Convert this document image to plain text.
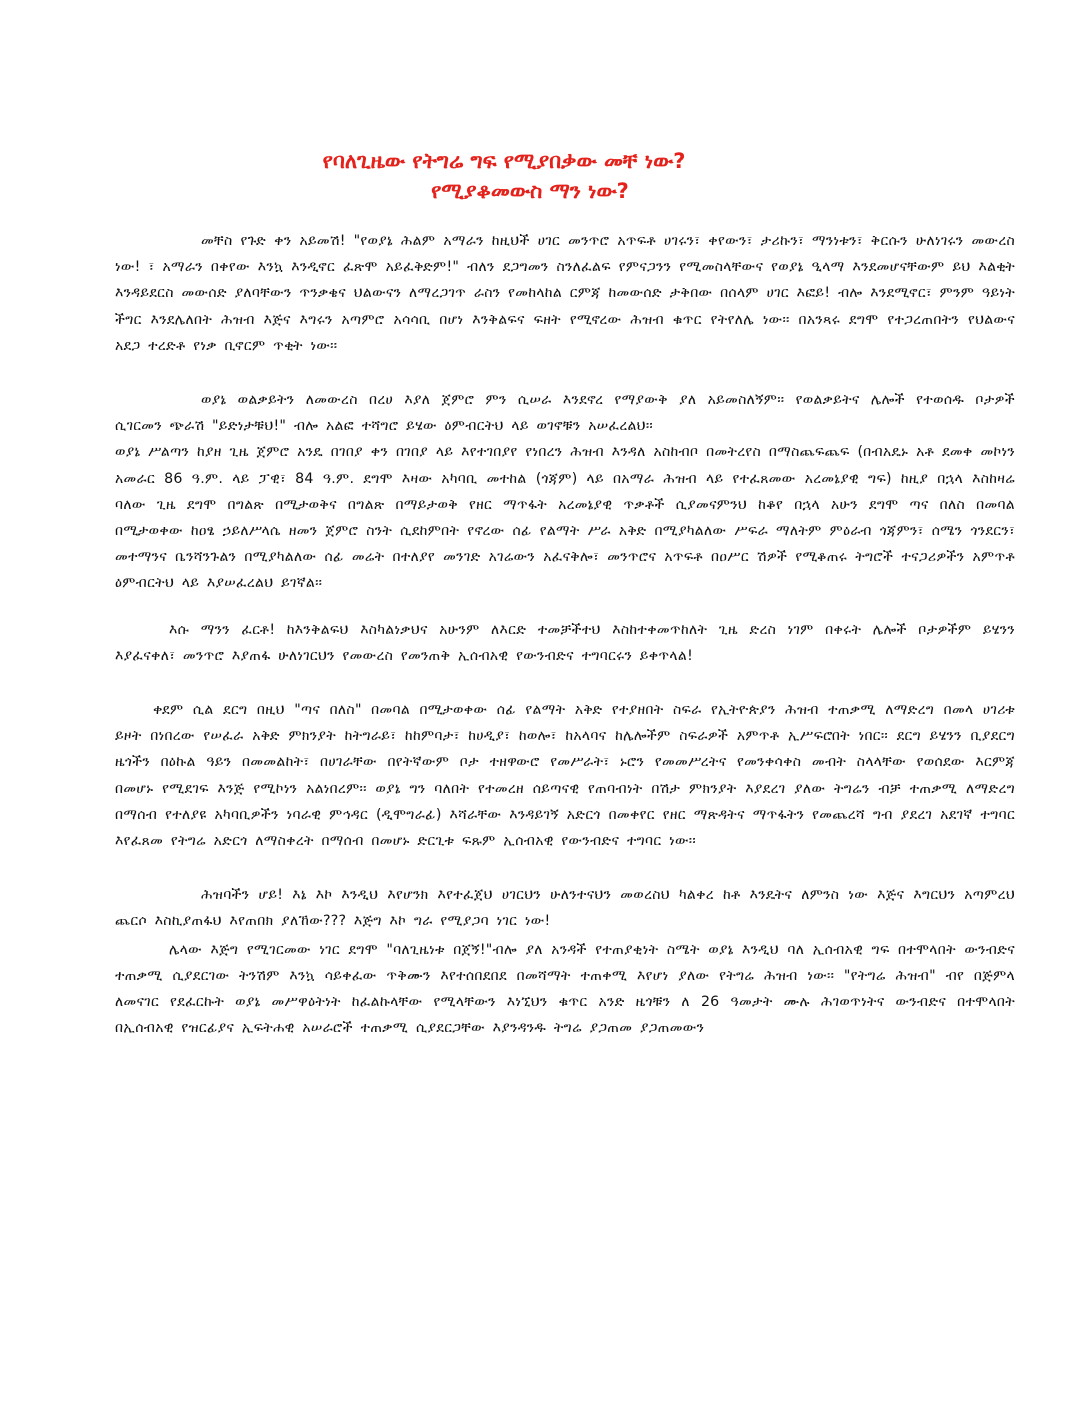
የባለጊዜው የትግሬ ግፍ የሚያበቃው መቸ ነው?
የሚያቆመውስ ማን ነው?

መቸስ የጉድ ቀን አይመሽ! "የወያኔ ሕልም አማራን ከዚህች ሀገር መንጥሮ አጥፍቶ ሀገሩን፣ ቀየውን፣ ታሪኩን፣ ማንነቱን፣ ቅርሱን ሁለነገሩን መውረስ ነው! ፣ አማራን በቀየው እንኳ እንዲኖር ፈጽሞ አይፈቅድም!" ብለን ደጋግመን ስንለፈልፍ የምናጋንን የሚመስላቸውና የወያኔ ዒላማ እንደመሆናቸውም ይህ እልቂት እንዳይደርስ መውሰድ ያለባቸውን ጥንቃቄና ህልውናን ለማረጋገጥ ራስን የመከላከል ርምጃ ከመውሰድ ታቅበው በሰላም ሀገር እፎይ! ብሎ እንደሚኖር፣ ምንም ዓይነት ችግር እንደሌለበት ሕዝብ እጅና እግሩን አጣምሮ አሳሳቢ በሆነ እንቅልፍና ፍዘት የሚኖረው ሕዝብ ቁጥር የትየለሌ ነው፡፡ በአንጻሩ ደግሞ የተጋረጠበትን የህልውና አደጋ ተረድቶ የነቃ ቢኖርም ጥቂት ነው፡፡

ወያኔ ወልቃይትን ለመውረስ በረሀ እያለ ጀምሮ ምን ሲሠራ እንደኖረ የማያውቅ ያለ አይመስለኝም፡፡ የወልቃይትና ሌሎች የተወሰዱ ቦታዎች ሲገርመን ጭራሽ "ይድነታቹህ!" ብሎ አልፎ ተሻግሮ ይሄው ዕምብርትህ ላይ ወገኖቹን አሠፈረልህ፡፡

ወያኔ ሥልጣን ከያዘ ጊዜ ጀምሮ አንዴ በገበያ ቀን በገበያ ላይ እየተገበያየ የነበረን ሕዝብ እንዳለ አስከብቦ በመትረየስ በማስጨፍጨፍ (በብአዴኑ አቶ ደመቀ መኮነን አመራር 86 ዓ.ም. ላይ ፓዊ፣ 84 ዓ.ም. ደግሞ እዛው አካባቢ መተከል (ጎጃም) ላይ በአማራ ሕዝብ ላይ የተፈጸመው አረመኔያዊ ግፍ) ከዚያ በኋላ እስከዛሬ ባለው ጊዜ ደግሞ በግልጽ በሚታወቅና በግልጽ በማይታወቅ የዘር ማጥፋት አረመኔያዊ ጥቃቶች ሲያመናምንህ ከቆየ በኋላ አሁን ደግሞ ጣና በለስ በመባል በሚታወቀው ከዐፄ ኃይለሥላሴ ዘመን ጀምሮ ስንት ሲደከምበት የኖረው ሰፊ የልማት ሥራ አቅድ በሚያካልለው ሥፍራ ማለትም ምዕራብ ጎጃምን፣ ሰሜን ጎንደርን፣ መተማንና ቤንሻንጉልን በሚያካልለው ሰፊ መሬት በተለያየ መንገድ አገሬውን አፈናቅሎ፣ መንጥሮና አጥፍቶ በዐሥር ሽዎች የሚቆጠሩ ትግሮች ተናጋሪዎችን አምጥቶ ዕምብርትህ ላይ እያሠፈረልህ ይገኛል፡፡

እሱ ማንን ፈርቶ! ከእንቅልፍህ እስካልነቃህና አሁንም ለእርድ ተመቻችተህ እስከተቀመጥከለት ጊዜ ድረስ ነገም በቀሩት ሌሎች ቦታዎችም ይሄንን እያፈናቀለ፣ መንጥሮ እያጠፋ ሁለነገርህን የመውረስ የመንጠቅ ኢሰብአዊ የውንብድና ተግባርሩን ይቀጥላል!

ቀደም ሲል ደርግ በዚህ "ጣና በለስ" በመባል በሚታወቀው ሰፊ የልማት አቅድ የተያዘበት ስፍራ የኢትዮጵያን ሕዝብ ተጠቃሚ ለማድረግ በመላ ሀገሪቱ ይዞት በነበረው የሠፈራ አቅድ ምክንያት ከትግራይ፣ ከከምባታ፣ ከሀዲያ፣ ከወሎ፣ ከአላባና ከሌሎችም ስፍራዎች አምጥቶ ኢሥፍሮበት ነበር፡፡ ደርግ ይሄንን ቢያደርግ ዜጎችን በዕኩል ዓይን በመመልከት፣ በሀገራቸው በየትኛውም ቦታ ተዘዋውሮ የመሥራት፣ ኑሮን የመመሥረትና የመንቀሳቀስ መብት ስላላቸው የወሰደው እርምጃ በመሆኑ የሚደገፍ እንጅ የሚኮነን አልነበረም፡፡ ወያኔ ግን ባለበት የተመረዘ ሰይጣናዊ የጠባብነት በሽታ ምክንያት እያደረገ ያለው ትግሬን ብቻ ተጠቃሚ ለማድረግ በማሰብ የተለያዩ አካባቢዎችን ነባራዊ ምኅዳር (ዲሞግራፊ) እሻራቸው እንዳይገኝ አድርጎ በመቀየር የዘር ማጽዳትና ማጥፋትን የመጨረሻ ግብ ያደረገ አደገኛ ተግባር እየፈጸመ የትግሬ አድርጎ ለማስቀረት በማሰብ በመሆኑ ድርጊቱ ፍጹም ኢሰብአዊ የውንብድና ተግባር ነው፡፡

ሕዝባችን ሆይ! እኔ እኮ እንዲህ እየሆንክ እየተፈጀህ ሀገርህን ሁለንተናህን መወረስህ ካልቀረ ከቶ እንዴትና ለምንስ ነው እጅና እግርህን አጣምረህ ጨርሶ እስኪያጠፋህ እየጠበክ ያለኸው??? እጅግ እኮ ግራ የሚያጋባ ነገር ነው!

ሌላው እጅግ የሚገርመው ነገር ደግሞ "ባለጊዜነቱ በጀኝ!"ብሎ ያለ አንዳች የተጠያቂነት ስሜት ወያኔ እንዲህ ባለ ኢሰብአዊ ግፍ በተሞላበት ውንብድና ተጠቃሚ ሲያደርገው ትንሽም እንኳ ሳይቀፈው ጥቅሙን እየተሰበደበደ በመሻማት ተጠቀሚ እየሆነ ያለው የትግሬ ሕዝብ ነው፡፡ "የትግሬ ሕዝብ" ብየ በጅምላ ለመናገር የደፈርኩት ወያኔ መሥዋዕትነት ከፈልኩላቸው የሚላቸውን እነኚህን ቁጥር አንድ ዜጎቹን ለ 26 ዓመታት ሙሉ ሕገወጥነትና ውንብድና በተሞላበት በኢሰብአዊ የዝርፊያና ኢፍትሐዊ አሠራሮች ተጠቃሚ ሲያደርጋቸው እያንዳንዱ ትግሬ ያጋጠመ ያጋጠመውን
